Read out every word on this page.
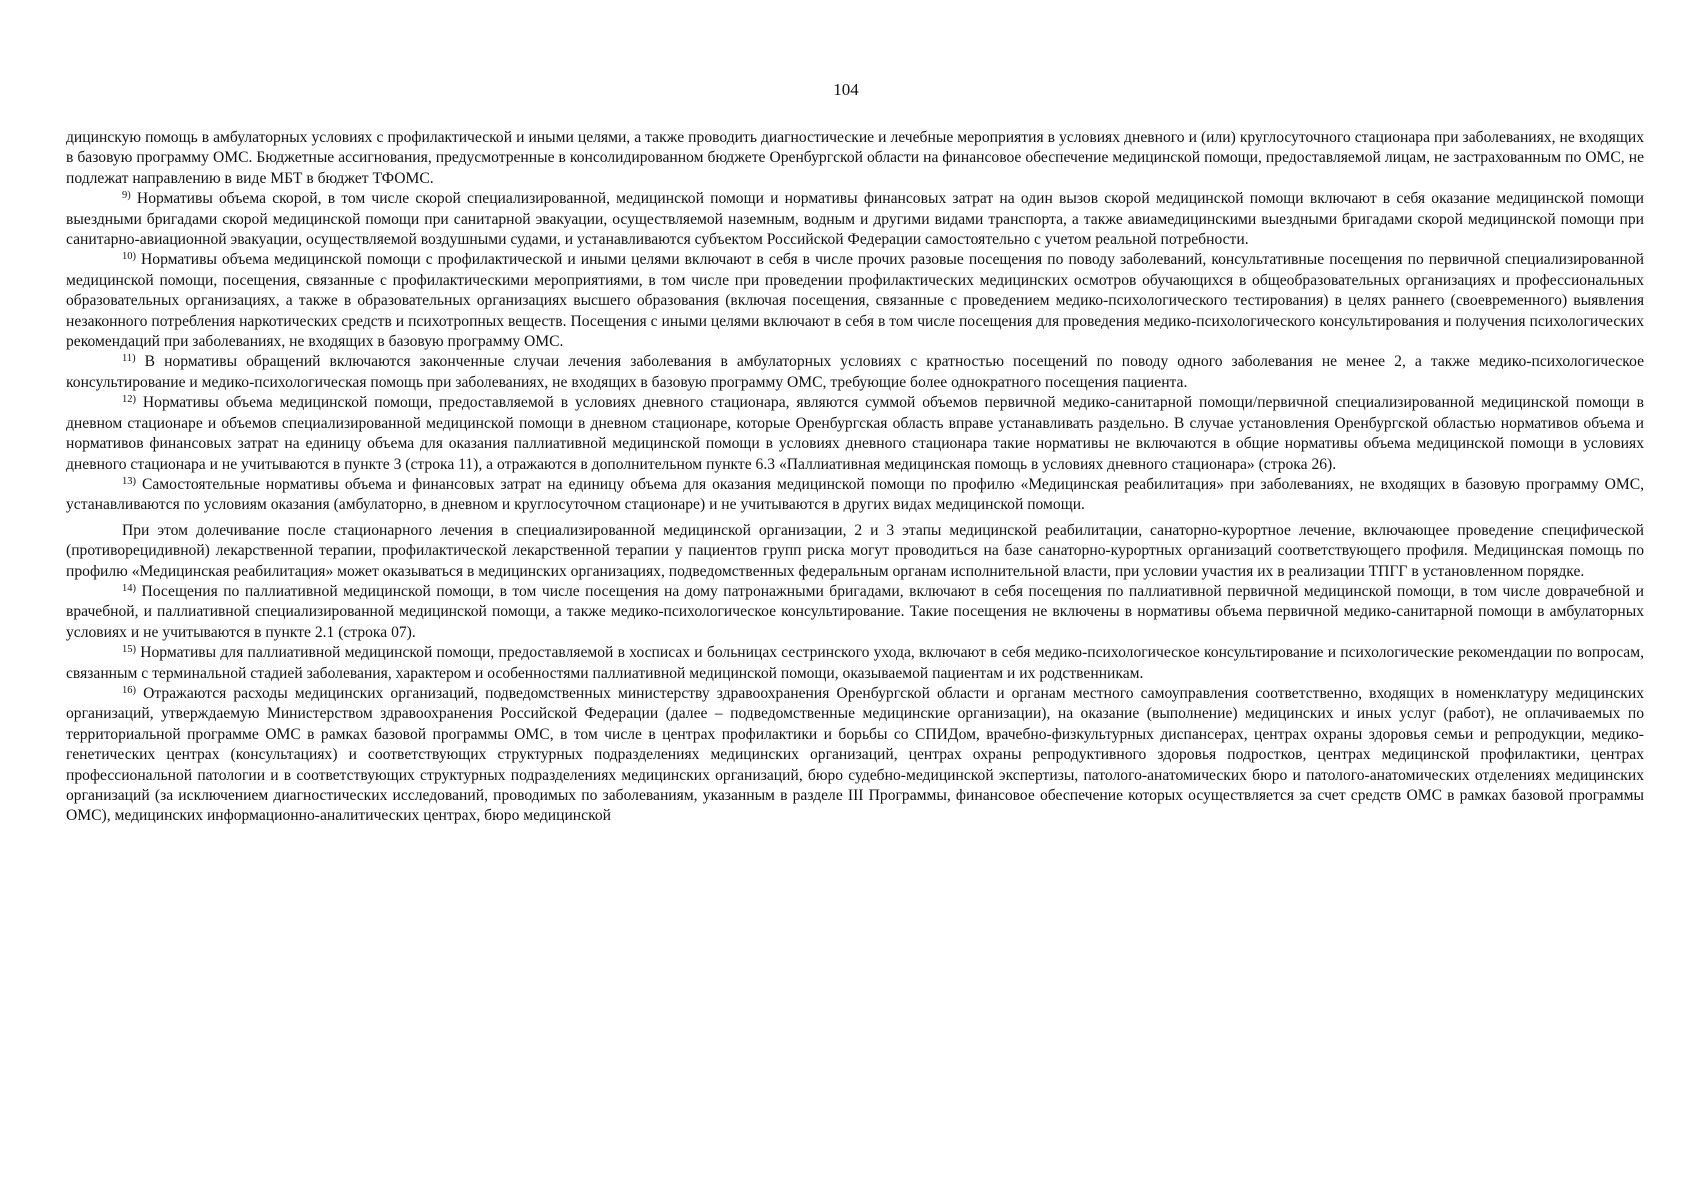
104

дицинскую помощь в амбулаторных условиях с профилактической и иными целями, а также проводить диагностические и лечебные мероприятия в условиях дневного и (или) круглосуточного стационара при заболеваниях, не входящих в базовую программу ОМС. Бюджетные ассигнования, предусмотренные в консолидированном бюджете Оренбургской области на финансовое обеспечение медицинской помощи, предоставляемой лицам, не застрахованным по ОМС, не подлежат направлению в виде МБТ в бюджет ТФОМС.

$^{9)}$ Нормативы объема скорой, в том числе скорой специализированной, медицинской помощи и нормативы финансовых затрат на один вызов скорой медицинской помощи включают в себя оказание медицинской помощи выездными бригадами скорой медицинской помощи при санитарной эвакуации, осуществляемой наземным, водным и другими видами транспорта, а также авиамедицинскими выездными бригадами скорой медицинской помощи при санитарно-авиационной эвакуации, осуществляемой воздушными судами, и устанавливаются субъектом Российской Федерации самостоятельно с учетом реальной потребности.

$^{10)}$ Нормативы объема медицинской помощи с профилактической и иными целями включают в себя в числе прочих разовые посещения по поводу заболеваний, консультативные посещения по первичной специализированной медицинской помощи, посещения, связанные с профилактическими мероприятиями, в том числе при проведении профилактических медицинских осмотров обучающихся в общеобразовательных организациях и профессиональных образовательных организациях, а также в образовательных организациях высшего образования (включая посещения, связанные с проведением медико-психологического тестирования) в целях раннего (своевременного) выявления незаконного потребления наркотических средств и психотропных веществ. Посещения с иными целями включают в себя в том числе посещения для проведения медико-психологического консультирования и получения психологических рекомендаций при заболеваниях, не входящих в базовую программу ОМС.

$^{11)}$ В нормативы обращений включаются законченные случаи лечения заболевания в амбулаторных условиях с кратностью посещений по поводу одного заболевания не менее 2, а также медико-психологическое консультирование и медико-психологическая помощь при заболеваниях, не входящих в базовую программу ОМС, требующие более однократного посещения пациента.

$^{12)}$ Нормативы объема медицинской помощи, предоставляемой в условиях дневного стационара, являются суммой объемов первичной медико-санитарной помощи/первичной специализированной медицинской помощи в дневном стационаре и объемов специализированной медицинской помощи в дневном стационаре, которые Оренбургская область вправе устанавливать раздельно. В случае установления Оренбургской областью нормативов объема и нормативов финансовых затрат на единицу объема для оказания паллиативной медицинской помощи в условиях дневного стационара такие нормативы не включаются в общие нормативы объема медицинской помощи в условиях дневного стационара и не учитываются в пункте 3 (строка 11), а отражаются в дополнительном пункте 6.3 «Паллиативная медицинская помощь в условиях дневного стационара» (строка 26).

$^{13)}$ Самостоятельные нормативы объема и финансовых затрат на единицу объема для оказания медицинской помощи по профилю «Медицинская реабилитация» при заболеваниях, не входящих в базовую программу ОМС, устанавливаются по условиям оказания (амбулаторно, в дневном и круглосуточном стационаре) и не учитываются в других видах медицинской помощи.

При этом долечивание после стационарного лечения в специализированной медицинской организации, 2 и 3 этапы медицинской реабилитации, санаторно-курортное лечение, включающее проведение специфической (противорецидивной) лекарственной терапии, профилактической лекарственной терапии у пациентов групп риска могут проводиться на базе санаторно-курортных организаций соответствующего профиля. Медицинская помощь по профилю «Медицинская реабилитация» может оказываться в медицинских организациях, подведомственных федеральным органам исполнительной власти, при условии участия их в реализации ТПГГ в установленном порядке.

$^{14)}$ Посещения по паллиативной медицинской помощи, в том числе посещения на дому патронажными бригадами, включают в себя посещения по паллиативной первичной медицинской помощи, в том числе доврачебной и врачебной, и паллиативной специализированной медицинской помощи, а также медико-психологическое консультирование. Такие посещения не включены в нормативы объема первичной медико-санитарной помощи в амбулаторных условиях и не учитываются в пункте 2.1 (строка 07).

$^{15)}$ Нормативы для паллиативной медицинской помощи, предоставляемой в хосписах и больницах сестринского ухода, включают в себя медико-психологическое консультирование и психологические рекомендации по вопросам, связанным с терминальной стадией заболевания, характером и особенностями паллиативной медицинской помощи, оказываемой пациентам и их родственникам.

$^{16)}$ Отражаются расходы медицинских организаций, подведомственных министерству здравоохранения Оренбургской области и органам местного самоуправления соответственно, входящих в номенклатуру медицинских организаций, утверждаемую Министерством здравоохранения Российской Федерации (далее – подведомственные медицинские организации), на оказание (выполнение) медицинских и иных услуг (работ), не оплачиваемых по территориальной программе ОМС в рамках базовой программы ОМС, в том числе в центрах профилактики и борьбы со СПИДом, врачебно-физкультурных диспансерах, центрах охраны здоровья семьи и репродукции, медико-генетических центрах (консультациях) и соответствующих структурных подразделениях медицинских организаций, центрах охраны репродуктивного здоровья подростков, центрах медицинской профилактики, центрах профессиональной патологии и в соответствующих структурных подразделениях медицинских организаций, бюро судебно-медицинской экспертизы, патолого-анатомических бюро и патолого-анатомических отделениях медицинских организаций (за исключением диагностических исследований, проводимых по заболеваниям, указанным в разделе III Программы, финансовое обеспечение которых осуществляется за счет средств ОМС в рамках базовой программы ОМС), медицинских информационно-аналитических центрах, бюро медицинской
